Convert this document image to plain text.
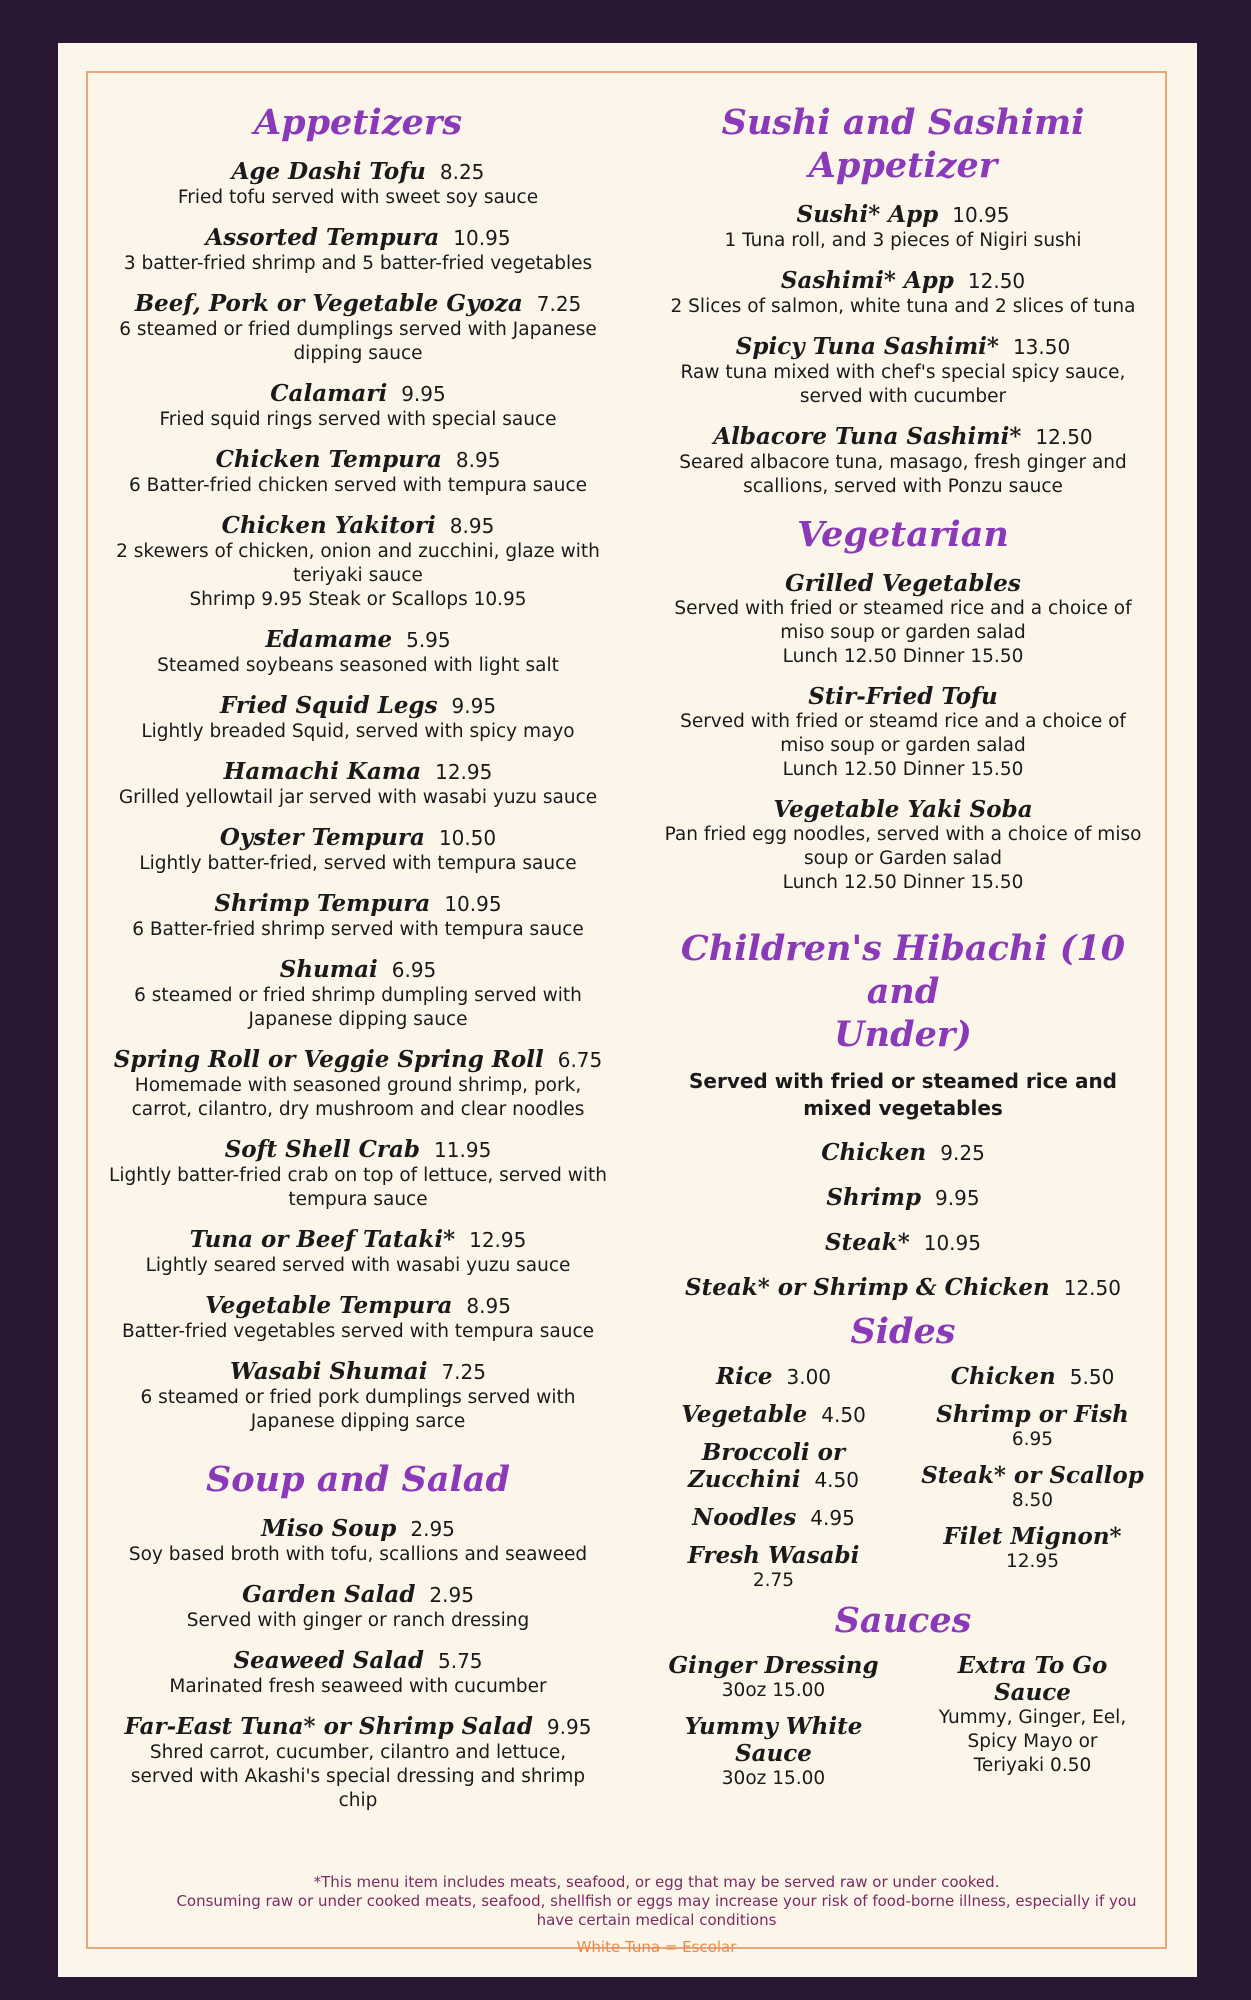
Appetizers
Age Dashi Tofu 8.25
Fried tofu served with sweet soy sauce
Assorted Tempura 10.95
3 batter-fried shrimp and 5 batter-fried vegetables
Beef, Pork or Vegetable Gyoza 7.25
6 steamed or fried dumplings served with Japanese
dipping sauce
Calamari 9.95
Fried squid rings served with special sauce
Chicken Tempura 8.95
6 Batter-fried chicken served with tempura sauce
Chicken Yakitori 8.95
2 skewers of chicken, onion and zucchini, glaze with
teriyaki sauce
Shrimp 9.95 Steak or Scallops 10.95
Edamame 5.95
Steamed soybeans seasoned with light salt
Fried Squid Legs 9.95
Lightly breaded Squid, served with spicy mayo
Hamachi Kama 12.95
Grilled yellowtail jar served with wasabi yuzu sauce
Oyster Tempura 10.50
Lightly batter-fried, served with tempura sauce
Shrimp Tempura 10.95
6 Batter-fried shrimp served with tempura sauce
Shumai 6.95
6 steamed or fried shrimp dumpling served with
Japanese dipping sauce
Spring Roll or Veggie Spring Roll 6.75
Homemade with seasoned ground shrimp, pork,
carrot, cilantro, dry mushroom and clear noodles
Soft Shell Crab 11.95
Lightly batter-fried crab on top of lettuce, served with
tempura sauce
Tuna or Beef Tataki* 12.95
Lightly seared served with wasabi yuzu sauce
Vegetable Tempura 8.95
Batter-fried vegetables served with tempura sauce
Wasabi Shumai 7.25
6 steamed or fried pork dumplings served with
Japanese dipping sarce
Soup and Salad
Miso Soup 2.95
Soy based broth with tofu, scallions and seaweed
Garden Salad 2.95
Served with ginger or ranch dressing
Seaweed Salad 5.75
Marinated fresh seaweed with cucumber
Far-East Tuna* or Shrimp Salad 9.95
Shred carrot, cucumber, cilantro and lettuce,
served with Akashi's special dressing and shrimp
chip
Sushi and Sashimi
Appetizer
Sushi* App 10.95
1 Tuna roll, and 3 pieces of Nigiri sushi
Sashimi* App 12.50
2 Slices of salmon, white tuna and 2 slices of tuna
Spicy Tuna Sashimi* 13.50
Raw tuna mixed with chef's special spicy sauce,
served with cucumber
Albacore Tuna Sashimi* 12.50
Seared albacore tuna, masago, fresh ginger and
scallions, served with Ponzu sauce
Vegetarian
Grilled Vegetables
Served with fried or steamed rice and a choice of
miso soup or garden salad
Lunch 12.50 Dinner 15.50
Stir-Fried Tofu
Served with fried or steamd rice and a choice of
miso soup or garden salad
Lunch 12.50 Dinner 15.50
Vegetable Yaki Soba
Pan fried egg noodles, served with a choice of miso
soup or Garden salad
Lunch 12.50 Dinner 15.50
Children's Hibachi (10 and
Under)
Served with fried or steamed rice and
mixed vegetables
Chicken 9.25
Shrimp 9.95
Steak* 10.95
Steak* or Shrimp & Chicken 12.50
Sides
Rice 3.00
Vegetable 4.50
Broccoli or
Zucchini 4.50
Noodles 4.95
Fresh Wasabi
2.75
Chicken 5.50
Shrimp or Fish
6.95
Steak* or Scallop
8.50
Filet Mignon*
12.95
Sauces
Ginger Dressing
30oz 15.00
Yummy White
Sauce
30oz 15.00
Extra To Go
Sauce
Yummy, Ginger, Eel,
Spicy Mayo or
Teriyaki 0.50
*This menu item includes meats, seafood, or egg that may be served raw or under cooked.
Consuming raw or under cooked meats, seafood, shellfish or eggs may increase your risk of food-borne illness, especially if you
have certain medical conditions
White Tuna = Escolar
